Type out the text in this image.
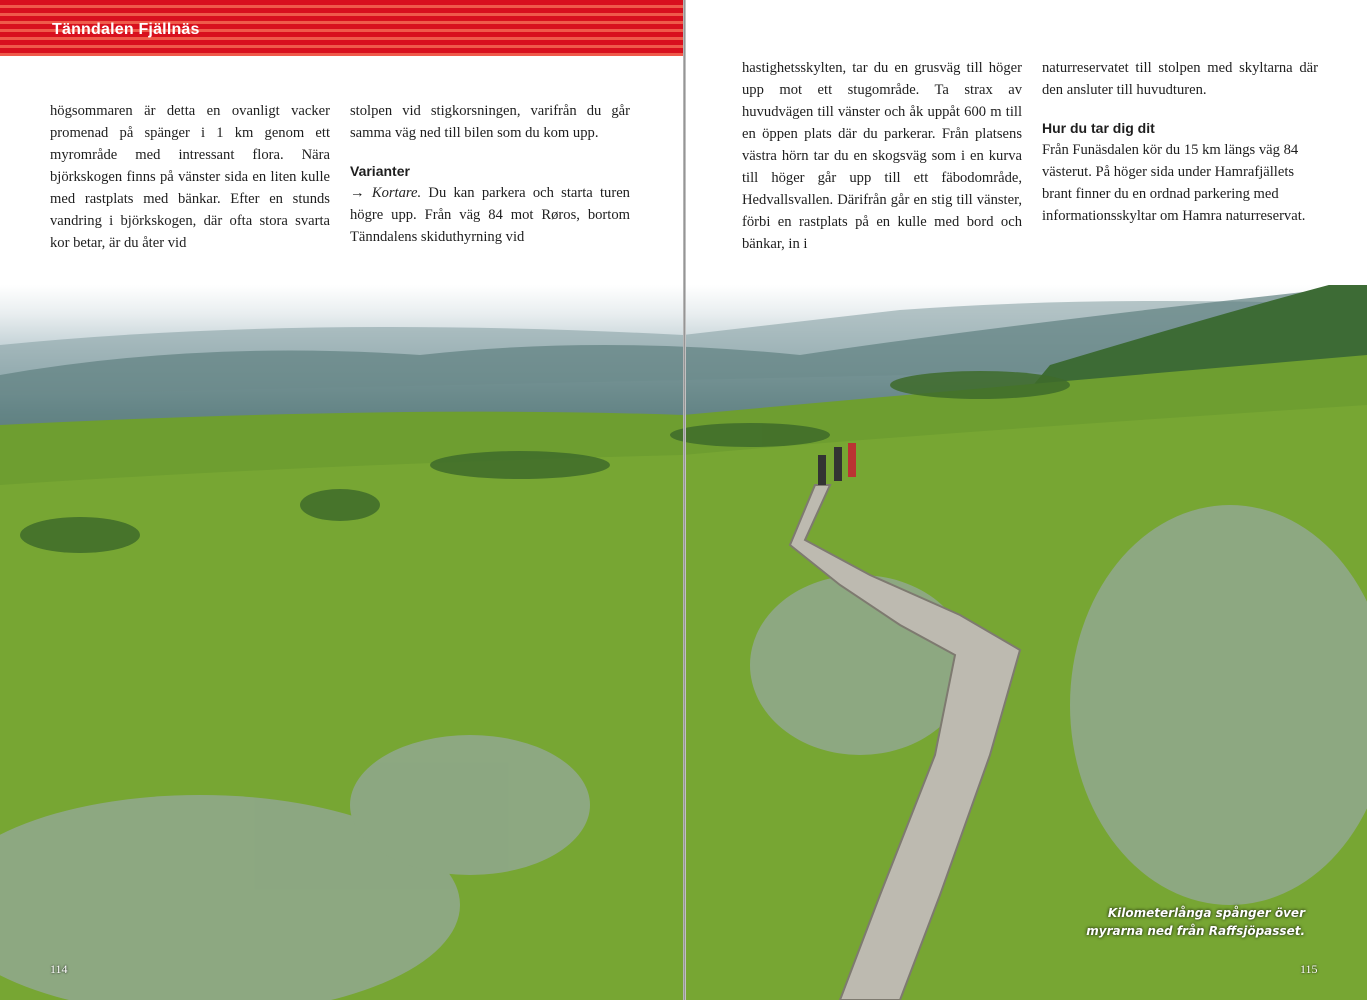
Tänndalen Fjällnäs

högsommaren är detta en ovanligt vacker promenad på spänger i 1 km genom ett myrområde med intressant flora. Nära björkskogen finns på vänster sida en liten kulle med rastplats med bänkar. Efter en stunds vandring i björkskogen, där ofta stora svarta kor betar, är du åter vid

stolpen vid stigkorsningen, varifrån du går samma väg ned till bilen som du kom upp.

Varianter

→ Kortare. Du kan parkera och starta turen högre upp. Från väg 84 mot Røros, bortom Tänndalens skiduthyrning vid

hastighetsskylten, tar du en grusväg till höger upp mot ett stugområde. Ta strax av huvudvägen till vänster och åk uppåt 600 m till en öppen plats där du parkerar. Från platsens västra hörn tar du en skogsväg som i en kurva till höger går upp till ett fäbodområde, Hedvallsvallen. Därifrån går en stig till vänster, förbi en rastplats på en kulle med bord och bänkar, in i

naturreservatet till stolpen med skyltarna där den ansluter till huvudturen.

Hur du tar dig dit

Från Funäsdalen kör du 15 km längs väg 84 västerut. På höger sida under Hamrafjällets brant finner du en ordnad parkering med informationsskyltar om Hamra naturreservat.

Kilometerlånga spånger över myrarna ned från Raffsjöpasset.
114	115
